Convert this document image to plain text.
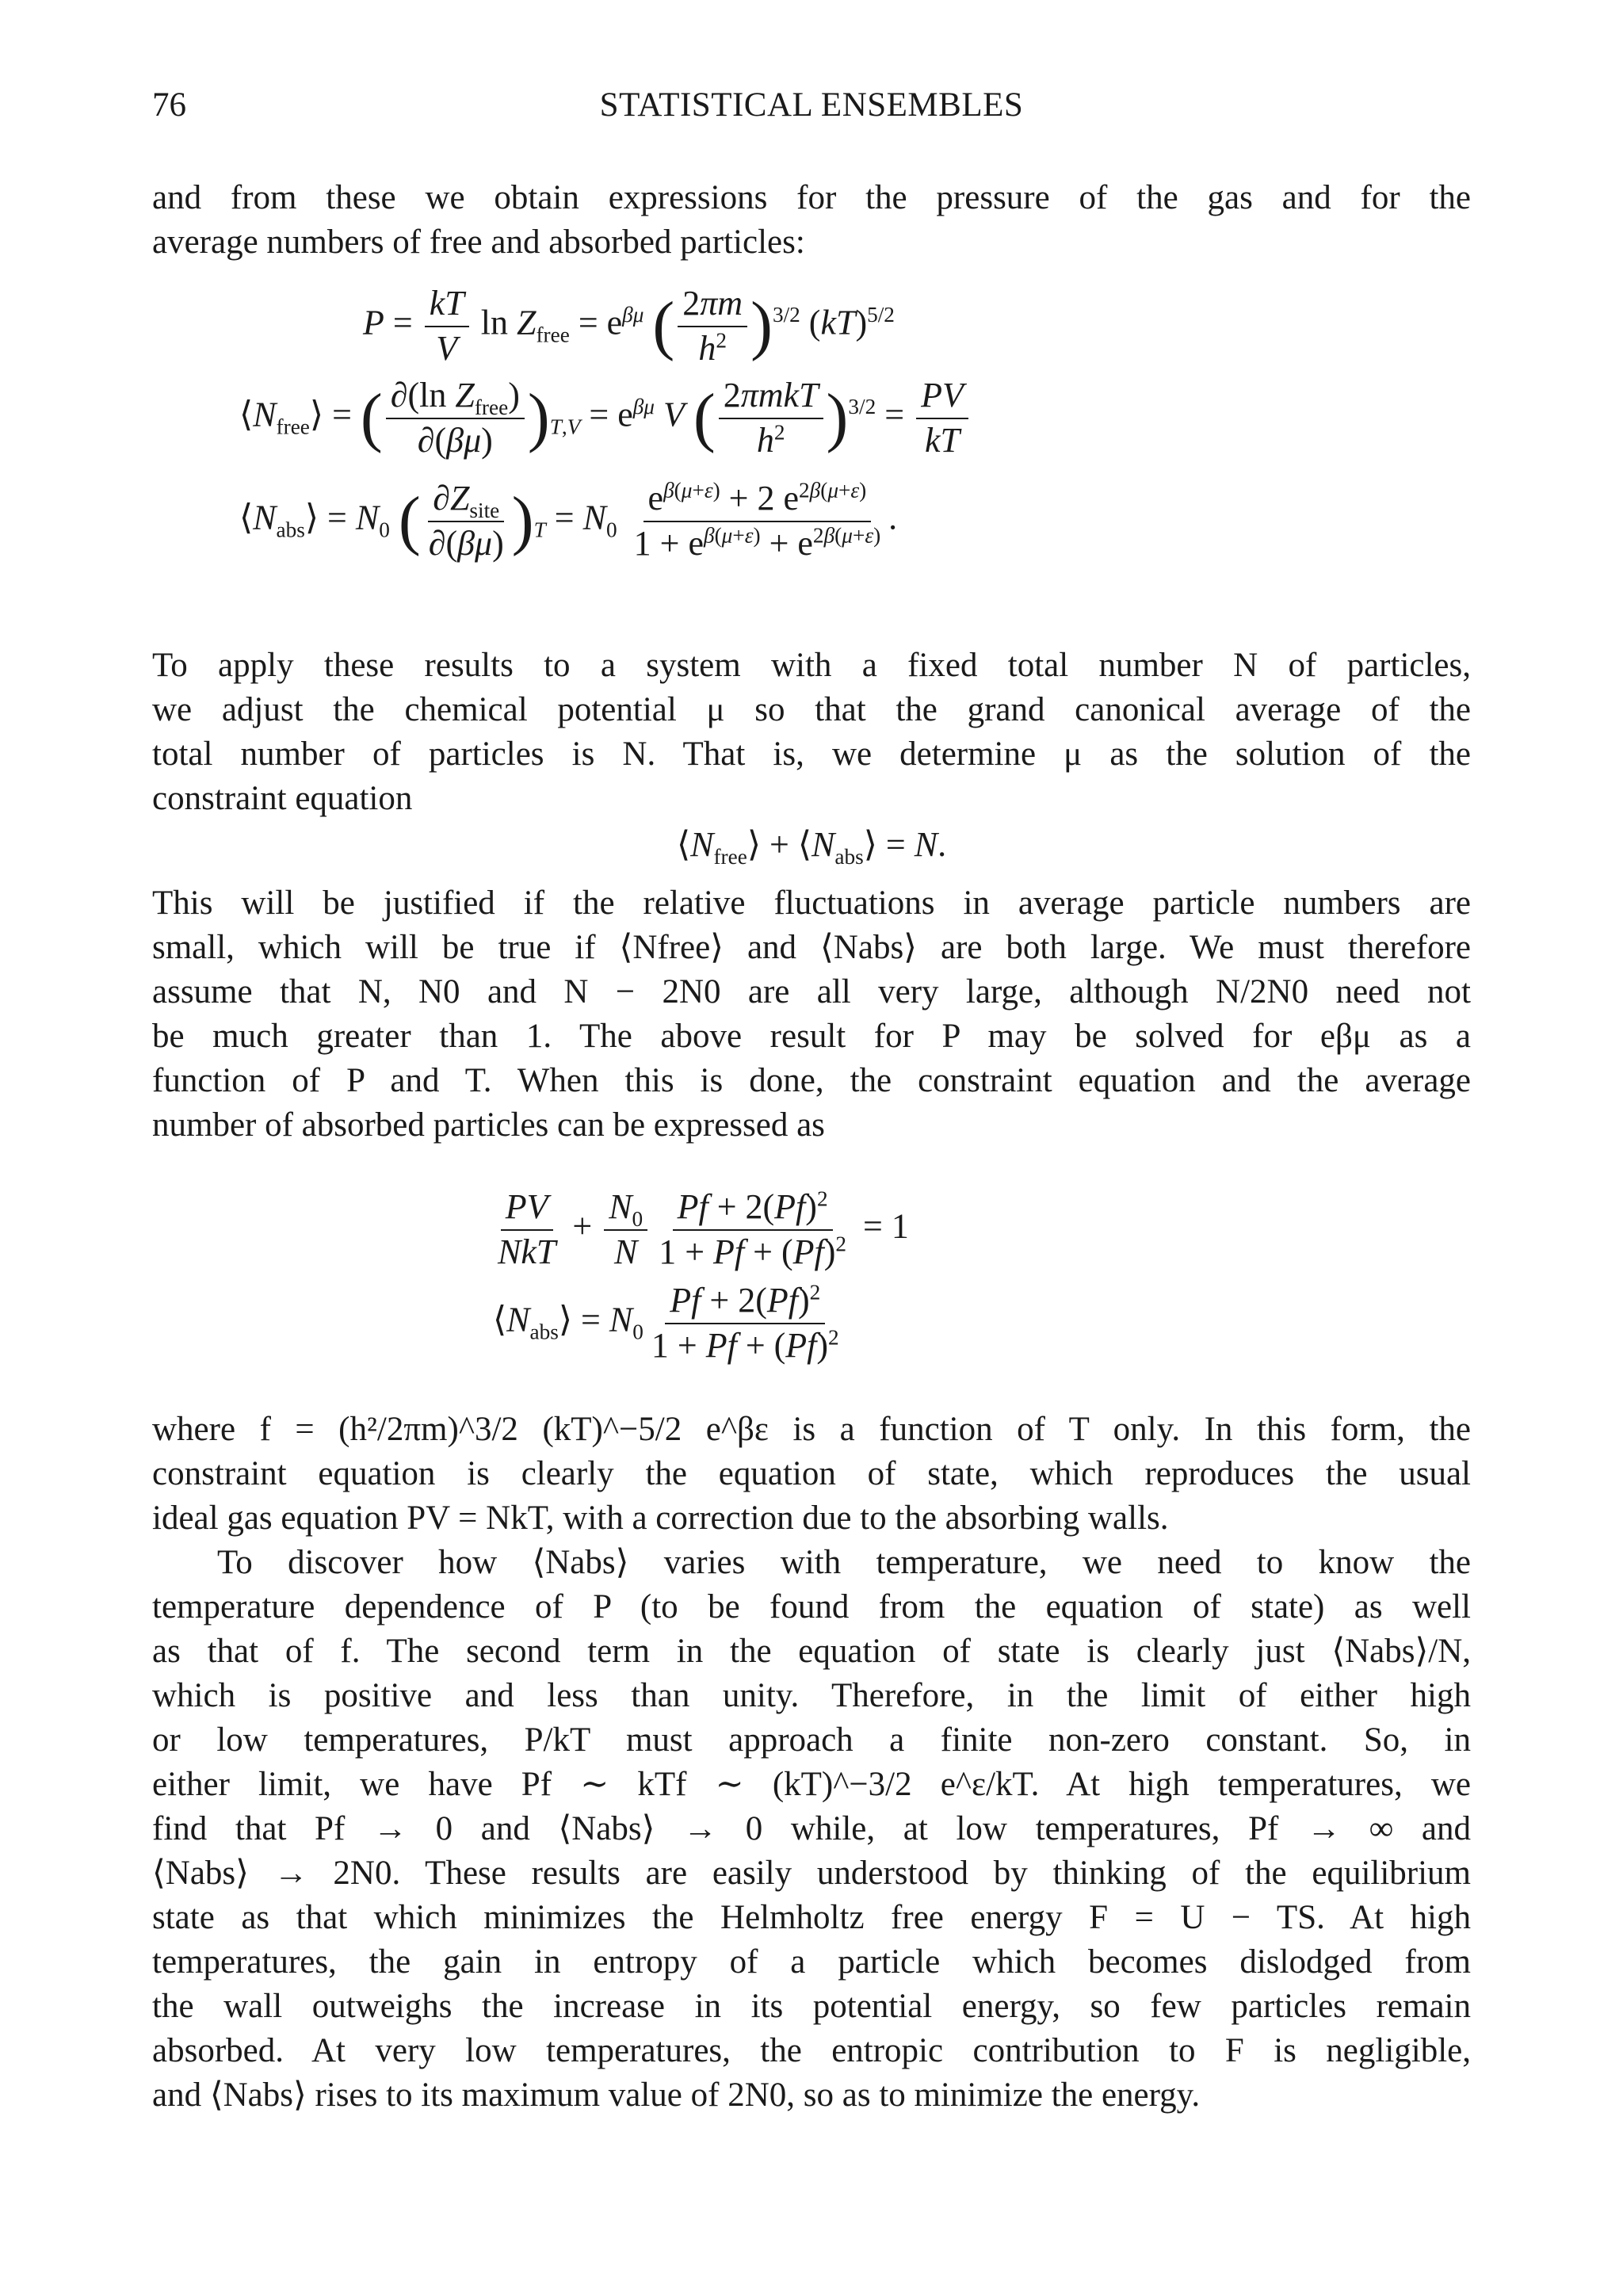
76	STATISTICAL ENSEMBLES
and from these we obtain expressions for the pressure of the gas and for the
average numbers of free and absorbed particles:
$P = \frac{kT}{V}$ $\ln Z_{free} = e^{\beta\mu}$ ( $\frac{2\pi m}{h^2} )^{3/2}$ (kT)$^{5/2}$
$⟨N_{free}⟩$ = ( $\frac{\partial(\ln Z_{free})}{\partial(\beta\mu)} )_{T,V} = e^{\beta\mu}$ V ( $\frac{\text{2πmkT}}{h^2} )^{3/2} = \frac{PV}{kT}$
$⟨N_{abs}⟩ = N_0$ ( $\frac{\partial Z_{site}}{\partial(\beta\mu)} )_T = N_0 \frac{e^{\beta(\mu+\varepsilon)} + 2 e^{2\beta(\mu+\varepsilon)}}{1 + e^{\beta(\mu+\varepsilon)} + e^{2\beta(\mu+\varepsilon)}}$ .
To apply these results to a system with a fixed total number N of particles,
we adjust the chemical potential μ so that the grand canonical average of the
total number of particles is N. That is, we determine μ as the solution of the
constraint equation
$⟨N_{free}⟩$ + $⟨N_{abs}⟩ = N$.
This will be justified if the relative fluctuations in average particle numbers are
small, which will be true if ⟨Nfree⟩ and ⟨Nabs⟩ are both large. We must therefore
assume that N, N0 and N − 2N0 are all very large, although N/2N0 need not
be much greater than 1. The above result for P may be solved for eβμ as a
function of P and T. When this is done, the constraint equation and the average
number of absorbed particles can be expressed as
$\frac{PV}{\text{NkT}} + \frac{N_0}{N} \frac{Pf + 2(Pf)^2}{1 + Pf + (Pf)^2} = 1$
$⟨N_{abs}⟩ = N_0 \frac{Pf + 2(Pf)^2}{1 + Pf + (Pf)^2}$
where f = (h²/2πm)^3/2 (kT)^−5/2 e^βε is a function of T only. In this form, the
constraint equation is clearly the equation of state, which reproduces the usual
ideal gas equation PV = NkT, with a correction due to the absorbing walls.
To discover how ⟨Nabs⟩ varies with temperature, we need to know the
temperature dependence of P (to be found from the equation of state) as well
as that of f. The second term in the equation of state is clearly just ⟨Nabs⟩/N,
which is positive and less than unity. Therefore, in the limit of either high
or low temperatures, P/kT must approach a finite non-zero constant. So, in
either limit, we have Pf ∼ kTf ∼ (kT)^−3/2 e^ε/kT. At high temperatures, we
find that Pf → 0 and ⟨Nabs⟩ → 0 while, at low temperatures, Pf → ∞ and
⟨Nabs⟩ → 2N0. These results are easily understood by thinking of the equilibrium
state as that which minimizes the Helmholtz free energy F = U − TS. At high
temperatures, the gain in entropy of a particle which becomes dislodged from
the wall outweighs the increase in its potential energy, so few particles remain
absorbed. At very low temperatures, the entropic contribution to F is negligible,
and ⟨Nabs⟩ rises to its maximum value of 2N0, so as to minimize the energy.
